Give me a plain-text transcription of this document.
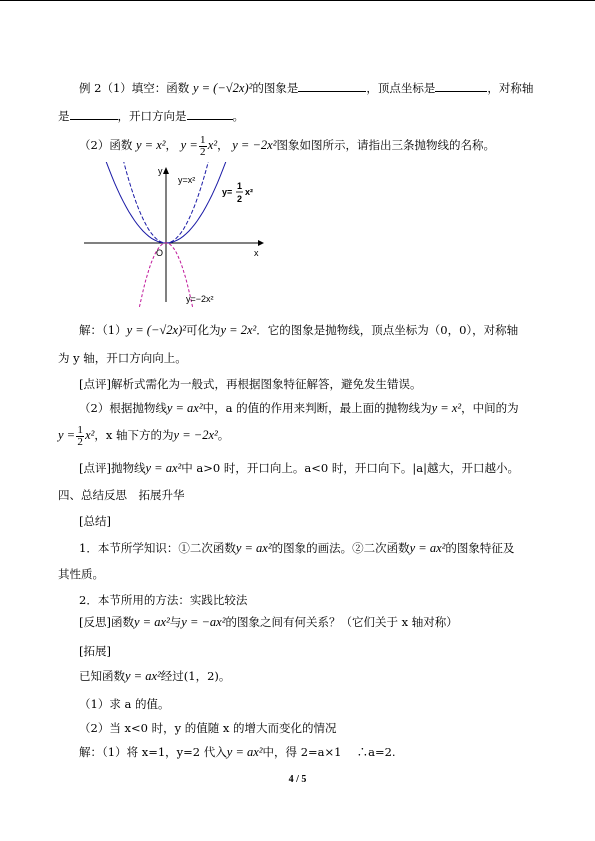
例 2（1）填空：函数 y = (−√2x)²的图象是	，顶点坐标是	，对称轴
是	，开口方向是	。
（2）函数 y = x²， $y = \frac{1}{2} x^2$， y = −2x²图象如图所示，请指出三条抛物线的名称。
y
x
O
y=x²
y=
1
2
x²
y=−2x²
解：（1）y = (−√2x)²可化为y = 2x²．它的图象是抛物线，顶点坐标为（0，0），对称轴
为 y 轴，开口方向向上。
[点评]解析式需化为一般式，再根据图象特征解答，避免发生错误。
（2）根据抛物线y = ax²中，a 的值的作用来判断，最上面的抛物线为y = x²，中间的为
$y = \frac{1}{2} x^2$，x 轴下方的为y = −2x²。
[点评]抛物线y = ax²中 a>0 时，开口向上。a<0 时，开口向下。|a|越大，开口越小。
四、总结反思　拓展升华
[总结]
1．本节所学知识：①二次函数y = ax²的图象的画法。②二次函数y = ax²的图象特征及
其性质。
2．本节所用的方法：实践比较法
[反思]函数y = ax²与y = −ax²的图象之间有何关系？（它们关于 x 轴对称）
[拓展]
已知函数y = ax²经过(1，2)。
（1）求 a 的值。
（2）当 x<0 时，y 的值随 x 的增大而变化的情况
解：（1）将 x=1，y=2 代入y = ax²中，得 2=a×1　 ∴a=2.
4 / 5
